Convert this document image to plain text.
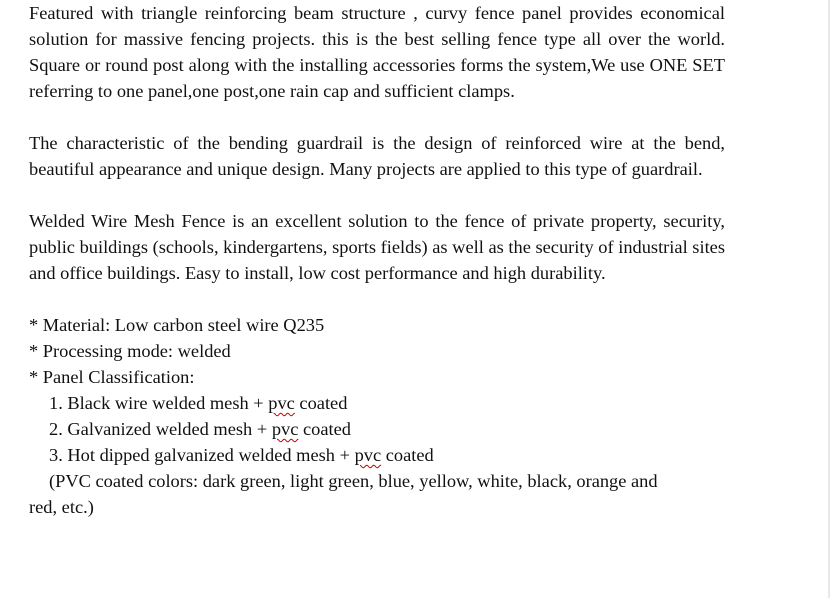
Featured with triangle reinforcing beam structure , curvy fence panel provides economical solution for massive fencing projects. this is the best selling fence type all over the world. Square or round post along with the installing accessories forms the system,We use ONE SET referring to one panel,one post,one rain cap and sufficient clamps.

The characteristic of the bending guardrail is the design of reinforced wire at the bend, beautiful appearance and unique design. Many projects are applied to this type of guardrail.

Welded Wire Mesh Fence is an excellent solution to the fence of private property, security, public buildings (schools, kindergartens, sports fields) as well as the security of industrial sites and office buildings. Easy to install, low cost performance and high durability.

* Material: Low carbon steel wire Q235

* Processing mode: welded

* Panel Classification:

1. Black wire welded mesh + pvc coated

2. Galvanized welded mesh + pvc coated

3. Hot dipped galvanized welded mesh + pvc coated

(PVC coated colors: dark green, light green, blue, yellow, white, black, orange and

red, etc.)
